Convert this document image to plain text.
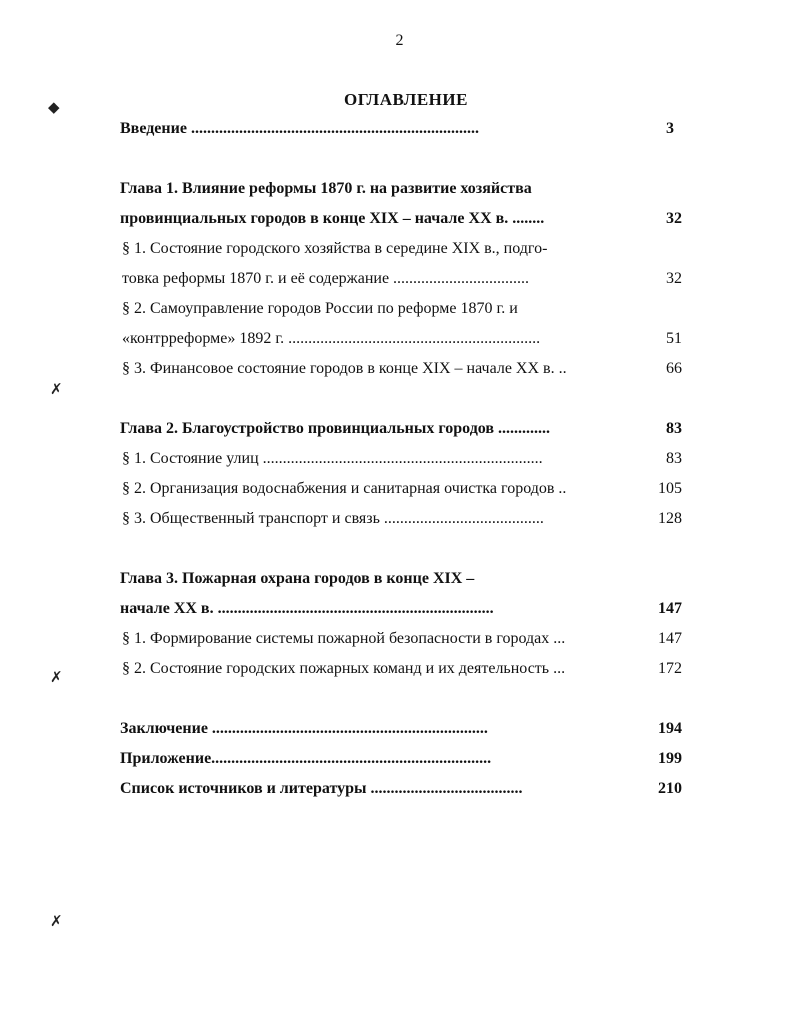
2
ОГЛАВЛЕНИЕ
◆
✗
✗
✗
Введение ........................................................................	3
Глава 1. Влияние реформы 1870 г. на развитие хозяйства
провинциальных городов в конце XIX – начале XX в. ........	32
§ 1. Состояние городского хозяйства в середине XIX в., подго-
товка реформы 1870 г. и её содержание ..................................	32
§ 2. Самоуправление городов России по реформе 1870 г. и
«контрреформе» 1892 г. ...............................................................	51
§ 3. Финансовое состояние городов в конце XIX – начале XX в. ..	66
Глава 2. Благоустройство провинциальных городов .............	83
§ 1. Состояние улиц ......................................................................	83
§ 2. Организация водоснабжения и санитарная очистка городов ..	105
§ 3. Общественный транспорт и связь ........................................	128
Глава 3. Пожарная охрана городов в конце XIX –
начале XX в. .....................................................................	147
§ 1. Формирование системы пожарной безопасности в городах ...	147
§ 2. Состояние городских пожарных команд и их деятельность ...	172
Заключение .....................................................................	194
Приложение......................................................................	199
Список источников и литературы ......................................	210
